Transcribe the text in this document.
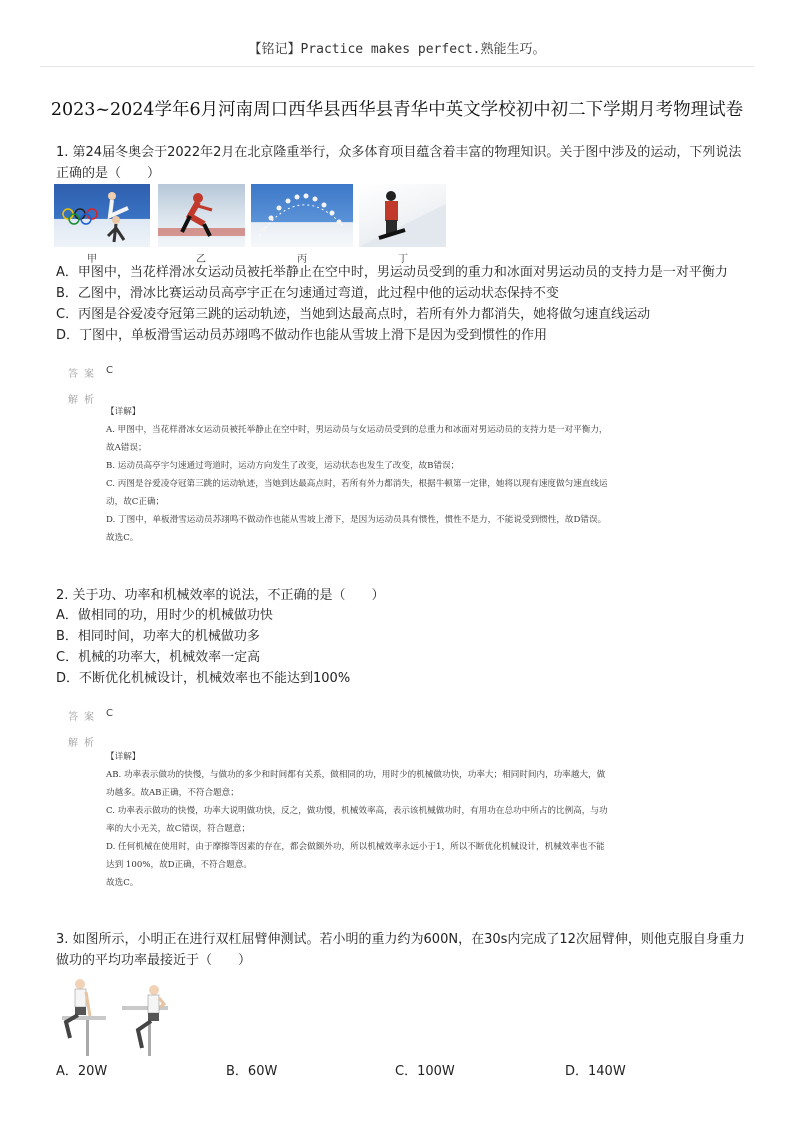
【铭记】Practice makes perfect.熟能生巧。
2023~2024学年6月河南周口西华县西华县青华中英文学校初中初二下学期月考物理试卷
1. 第24届冬奥会于2022年2月在北京隆重举行，众多体育项目蕴含着丰富的物理知识。关于图中涉及的运动，下列说法
正确的是（　　）
甲	乙	丙	丁
A．甲图中，当花样滑冰女运动员被托举静止在空中时，男运动员受到的重力和冰面对男运动员的支持力是一对平衡力
B．乙图中，滑冰比赛运动员高亭宇正在匀速通过弯道，此过程中他的运动状态保持不变
C．丙图是谷爱凌夺冠第三跳的运动轨迹，当她到达最高点时，若所有外力都消失，她将做匀速直线运动
D．丁图中，单板滑雪运动员苏翊鸣不做动作也能从雪坡上滑下是因为受到惯性的作用
答案 C
解析
【详解】
A. 甲图中，当花样滑冰女运动员被托举静止在空中时，男运动员与女运动员受到的总重力和冰面对男运动员的支持力是一对平衡力，
故A错误；
B. 运动员高亭宇匀速通过弯道时，运动方向发生了改变，运动状态也发生了改变，故B错误；
C. 丙图是谷爱凌夺冠第三跳的运动轨迹，当她到达最高点时，若所有外力都消失，根据牛顿第一定律，她将以现有速度做匀速直线运
动，故C正确；
D. 丁图中，单板滑雪运动员苏翊鸣不做动作也能从雪坡上滑下，是因为运动员具有惯性，惯性不是力，不能说受到惯性，故D错误。
故选C。
2. 关于功、功率和机械效率的说法，不正确的是（　　）
A．做相同的功，用时少的机械做功快
B．相同时间，功率大的机械做功多
C．机械的功率大，机械效率一定高
D．不断优化机械设计，机械效率也不能达到100%
答案 C
解析
【详解】
AB. 功率表示做功的快慢，与做功的多少和时间都有关系，做相同的功，用时少的机械做功快，功率大；相同时间内，功率越大，做
功越多。故AB正确，不符合题意；
C. 功率表示做功的快慢，功率大说明做功快，反之，做功慢，机械效率高，表示该机械做功时，有用功在总功中所占的比例高，与功
率的大小无关，故C错误，符合题意；
D. 任何机械在使用时，由于摩擦等因素的存在，都会做额外功，所以机械效率永远小于1，所以不断优化机械设计，机械效率也不能
达到 100%，故D正确，不符合题意。
故选C。
3. 如图所示，小明正在进行双杠屈臂伸测试。若小明的重力约为600N，在30s内完成了12次屈臂伸，则他克服自身重力
做功的平均功率最接近于（　　）
A．20W	B．60W	C．100W	D．140W
